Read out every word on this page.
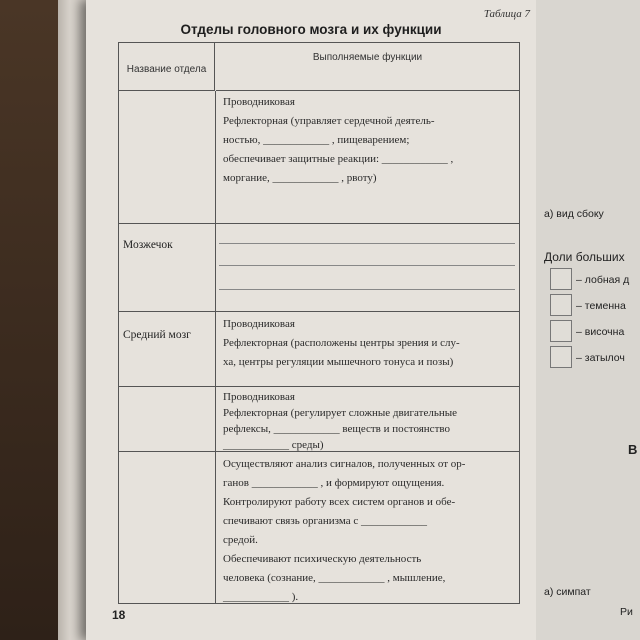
Таблица 7
Отделы головного мозга и их функции
Название отдела
Выполняемые функции
Проводниковая
Рефлекторная (управляет сердечной деятель-
ностью, ____________ , пищеварением;
обеспечивает защитные реакции: ____________ ,
моргание, ____________ , рвоту)
Мозжечок
Средний мозг
Проводниковая
Рефлекторная (расположены центры зрения и слу-
ха, центры регуляции мышечного тонуса и позы)
Проводниковая
Рефлекторная (регулирует сложные двигательные
рефлексы, ____________ веществ и постоянство
____________ среды)
Осуществляют анализ сигналов, полученных от ор-
ганов ____________ , и формируют ощущения.
Контролируют работу всех систем органов и обе-
спечивают связь организма с ____________
средой.
Обеспечивают психическую деятельность
человека (сознание, ____________ , мышление,
____________ ).
18
а) вид сбоку
Доли больших
– лобная д
– теменна
– височна
– затылоч
В
а) симпат
Ри
